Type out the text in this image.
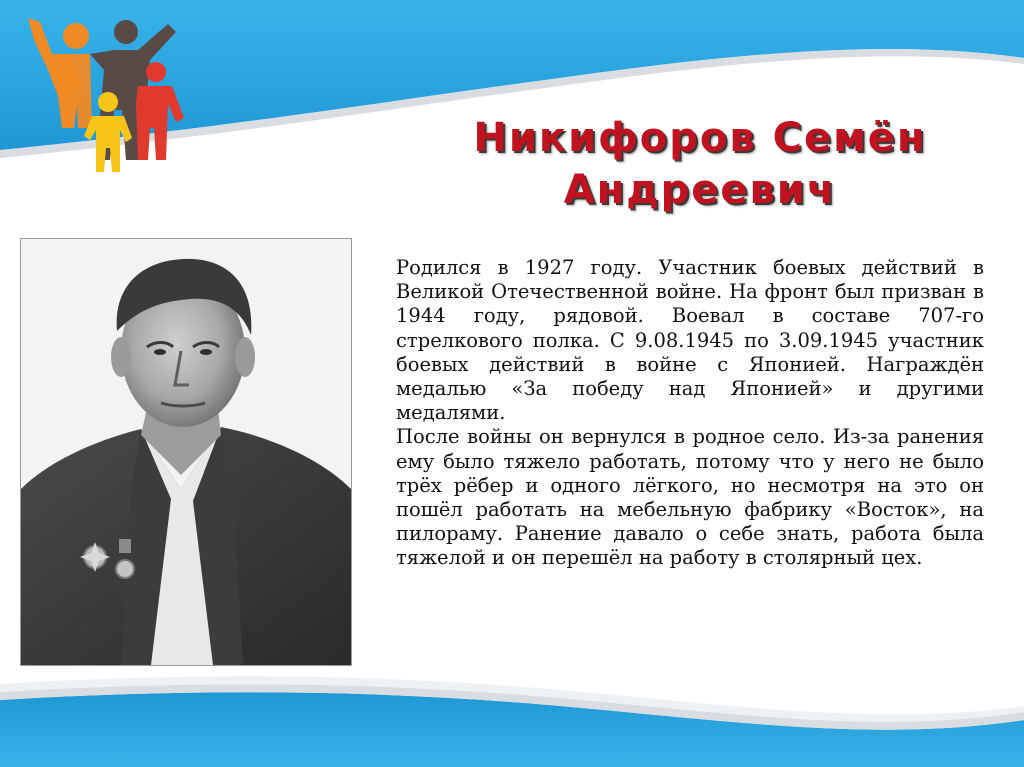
Никифоров Семён
Андреевич

Родился в 1927 году. Участник боевых действий в Великой Отечественной войне. На фронт был призван в 1944 году, рядовой. Воевал в составе 707-го стрелкового полка. С 9.08.1945 по 3.09.1945 участник боевых действий в войне с Японией. Награждён медалью «За победу над Японией» и другими медалями.

После войны он вернулся в родное село. Из-за ранения ему было тяжело работать, потому что у него не было трёх рёбер и одного лёгкого, но несмотря на это он пошёл работать на мебельную фабрику «Восток», на пилораму. Ранение давало о себе знать, работа была тяжелой и он перешёл на работу в столярный цех.
